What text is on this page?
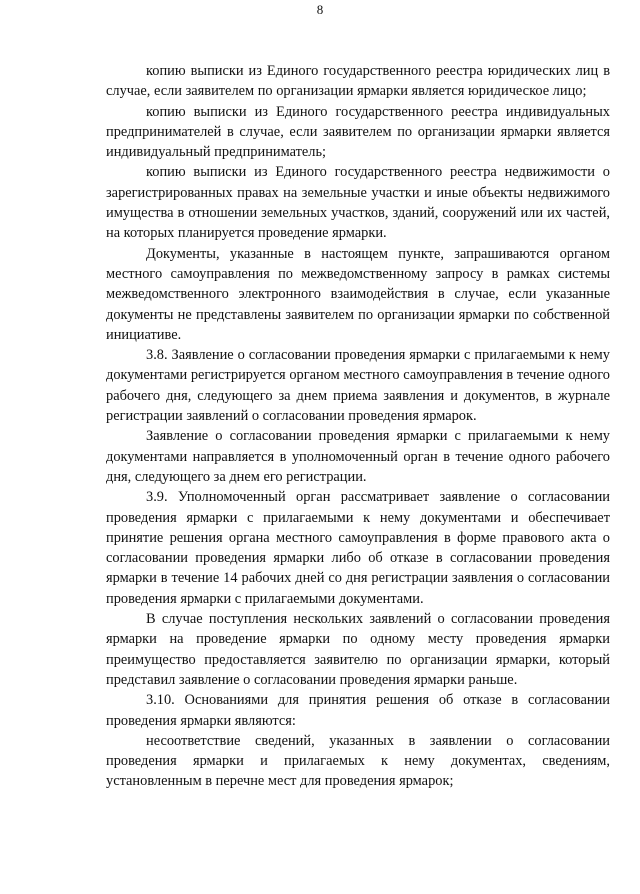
8

копию выписки из Единого государственного реестра юридических лиц в случае, если заявителем по организации ярмарки является юридическое лицо;

копию выписки из Единого государственного реестра индивидуальных предпринимателей в случае, если заявителем по организации ярмарки является индивидуальный предприниматель;

копию выписки из Единого государственного реестра недвижимости о зарегистрированных правах на земельные участки и иные объекты недвижимого имущества в отношении земельных участков, зданий, сооружений или их частей, на которых планируется проведение ярмарки.

Документы, указанные в настоящем пункте, запрашиваются органом местного самоуправления по межведомственному запросу в рамках системы межведомственного электронного взаимодействия в случае, если указанные документы не представлены заявителем по организации ярмарки по собственной инициативе.

3.8. Заявление о согласовании проведения ярмарки с прилагаемыми к нему документами регистрируется органом местного самоуправления в течение одного рабочего дня, следующего за днем приема заявления и документов, в журнале регистрации заявлений о согласовании проведения ярмарок.

Заявление о согласовании проведения ярмарки с прилагаемыми к нему документами направляется в уполномоченный орган в течение одного рабочего дня, следующего за днем его регистрации.

3.9. Уполномоченный орган рассматривает заявление о согласовании проведения ярмарки с прилагаемыми к нему документами и обеспечивает принятие решения органа местного самоуправления в форме правового акта о согласовании проведения ярмарки либо об отказе в согласовании проведения ярмарки в течение 14 рабочих дней со дня регистрации заявления о согласовании проведения ярмарки с прилагаемыми документами.

В случае поступления нескольких заявлений о согласовании проведения ярмарки на проведение ярмарки по одному месту проведения ярмарки преимущество предоставляется заявителю по организации ярмарки, который представил заявление о согласовании проведения ярмарки раньше.

3.10. Основаниями для принятия решения об отказе в согласовании проведения ярмарки являются:

несоответствие сведений, указанных в заявлении о согласовании проведения ярмарки и прилагаемых к нему документах, сведениям, установленным в перечне мест для проведения ярмарок;
